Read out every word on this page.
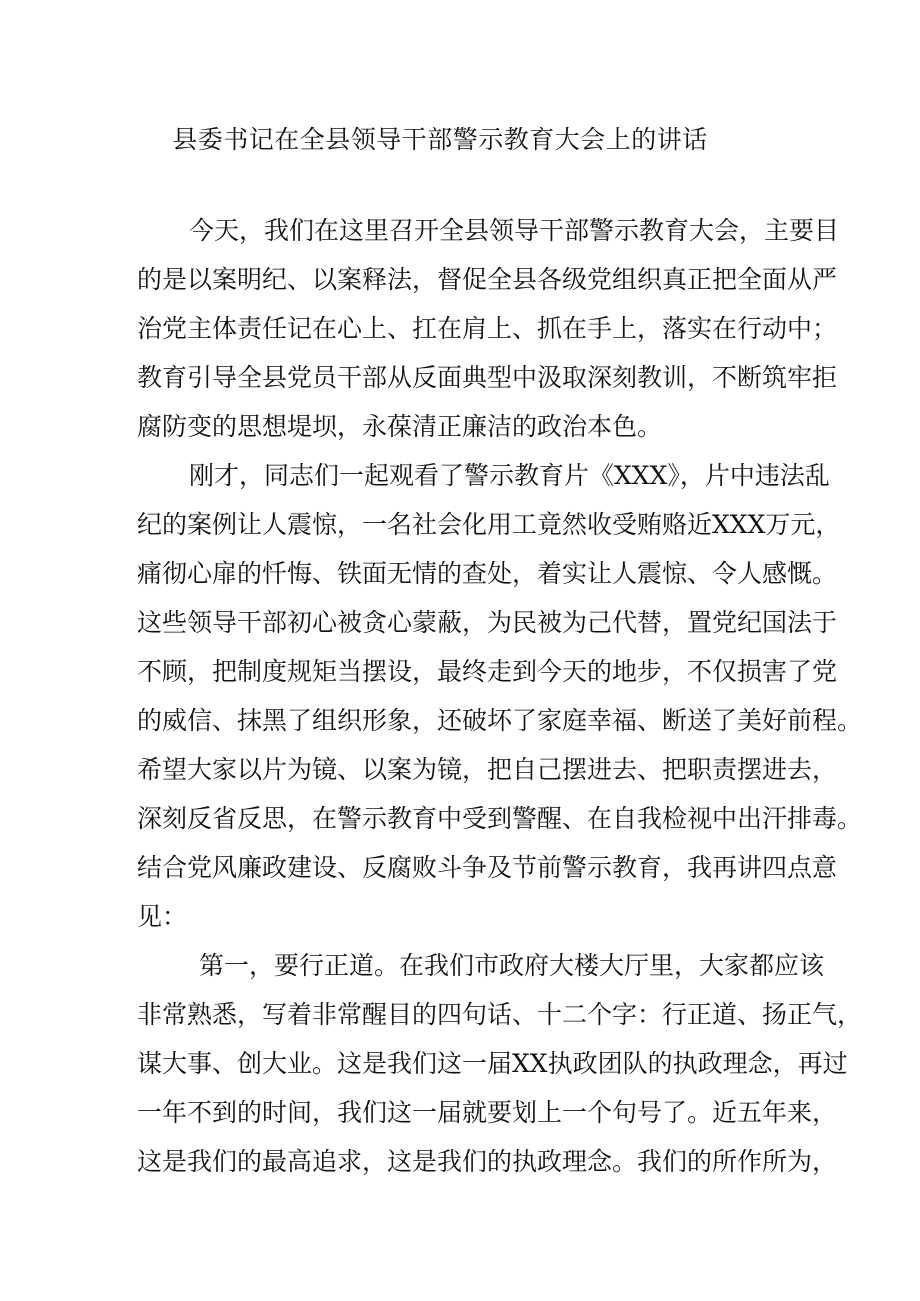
县委书记在全县领导干部警示教育大会上的讲话
今天，我们在这里召开全县领导干部警示教育大会，主要目
的是以案明纪、以案释法，督促全县各级党组织真正把全面从严
治党主体责任记在心上、扛在肩上、抓在手上，落实在行动中；
教育引导全县党员干部从反面典型中汲取深刻教训，不断筑牢拒
腐防变的思想堤坝，永葆清正廉洁的政治本色。
刚才，同志们一起观看了警示教育片《XXX》，片中违法乱
纪的案例让人震惊，一名社会化用工竟然收受贿赂近XXX万元，
痛彻心扉的忏悔、铁面无情的查处，着实让人震惊、令人感慨。
这些领导干部初心被贪心蒙蔽，为民被为己代替，置党纪国法于
不顾，把制度规矩当摆设，最终走到今天的地步，不仅损害了党
的威信、抹黑了组织形象，还破坏了家庭幸福、断送了美好前程。
希望大家以片为镜、以案为镜，把自己摆进去、把职责摆进去，
深刻反省反思，在警示教育中受到警醒、在自我检视中出汗排毒。
结合党风廉政建设、反腐败斗争及节前警示教育，我再讲四点意
见：
第一，要行正道。在我们市政府大楼大厅里，大家都应该
非常熟悉，写着非常醒目的四句话、十二个字：行正道、扬正气，
谋大事、创大业。这是我们这一届XX执政团队的执政理念，再过
一年不到的时间，我们这一届就要划上一个句号了。近五年来，
这是我们的最高追求，这是我们的执政理念。我们的所作所为，
